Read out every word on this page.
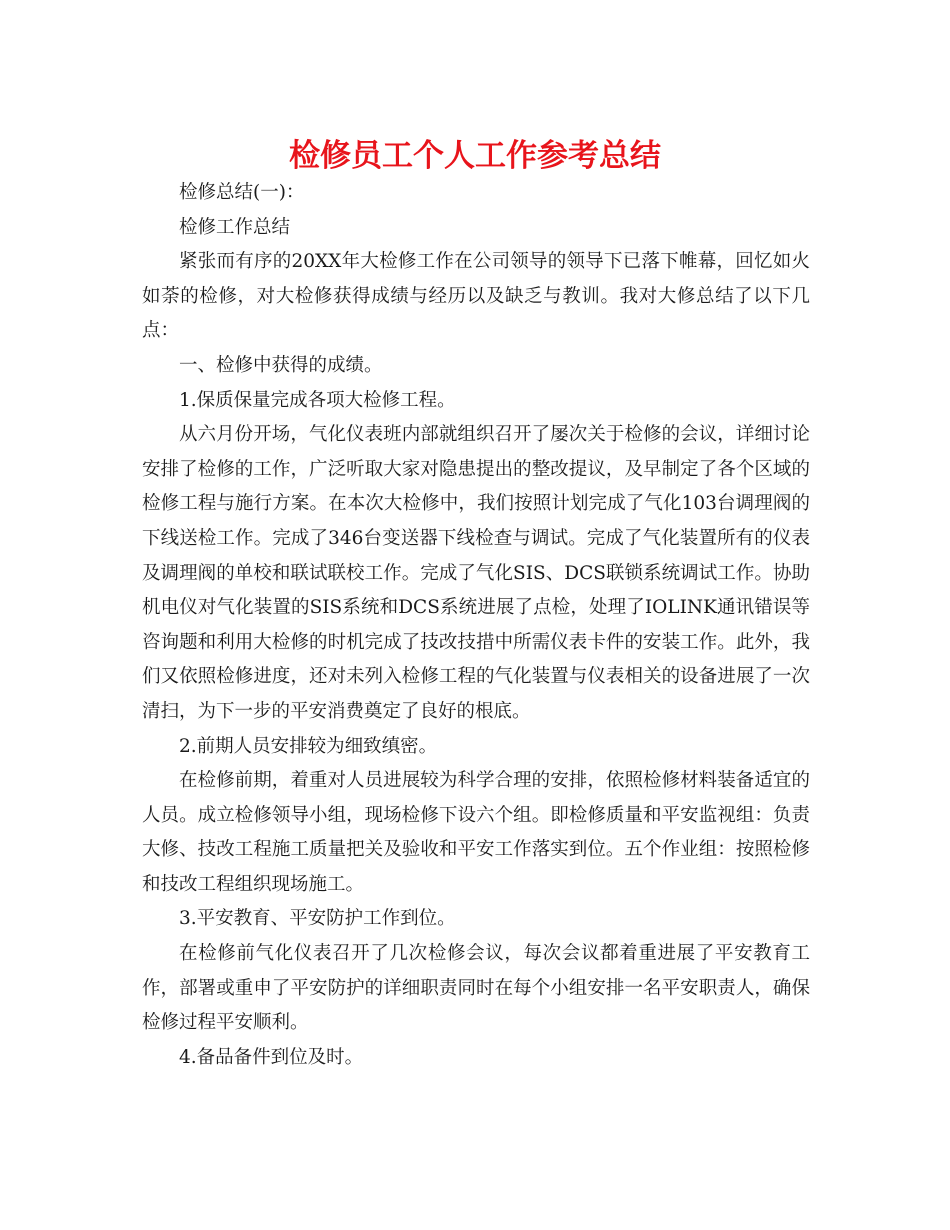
检修员工个人工作参考总结

检修总结(一)：

检修工作总结

紧张而有序的20XX年大检修工作在公司领导的领导下已落下帷幕，回忆如火如荼的检修，对大检修获得成绩与经历以及缺乏与教训。我对大修总结了以下几点：

一、检修中获得的成绩。

1.保质保量完成各项大检修工程。

从六月份开场，气化仪表班内部就组织召开了屡次关于检修的会议，详细讨论安排了检修的工作，广泛听取大家对隐患提出的整改提议，及早制定了各个区域的检修工程与施行方案。在本次大检修中，我们按照计划完成了气化103台调理阀的下线送检工作。完成了346台变送器下线检查与调试。完成了气化装置所有的仪表及调理阀的单校和联试联校工作。完成了气化SIS、DCS联锁系统调试工作。协助机电仪对气化装置的SIS系统和DCS系统进展了点检，处理了IOLINK通讯错误等咨询题和利用大检修的时机完成了技改技措中所需仪表卡件的安装工作。此外，我们又依照检修进度，还对未列入检修工程的气化装置与仪表相关的设备进展了一次清扫，为下一步的平安消费奠定了良好的根底。

2.前期人员安排较为细致缜密。

在检修前期，着重对人员进展较为科学合理的安排，依照检修材料装备适宜的人员。成立检修领导小组，现场检修下设六个组。即检修质量和平安监视组：负责大修、技改工程施工质量把关及验收和平安工作落实到位。五个作业组：按照检修和技改工程组织现场施工。

3.平安教育、平安防护工作到位。

在检修前气化仪表召开了几次检修会议，每次会议都着重进展了平安教育工作，部署或重申了平安防护的详细职责同时在每个小组安排一名平安职责人，确保检修过程平安顺利。

4.备品备件到位及时。
